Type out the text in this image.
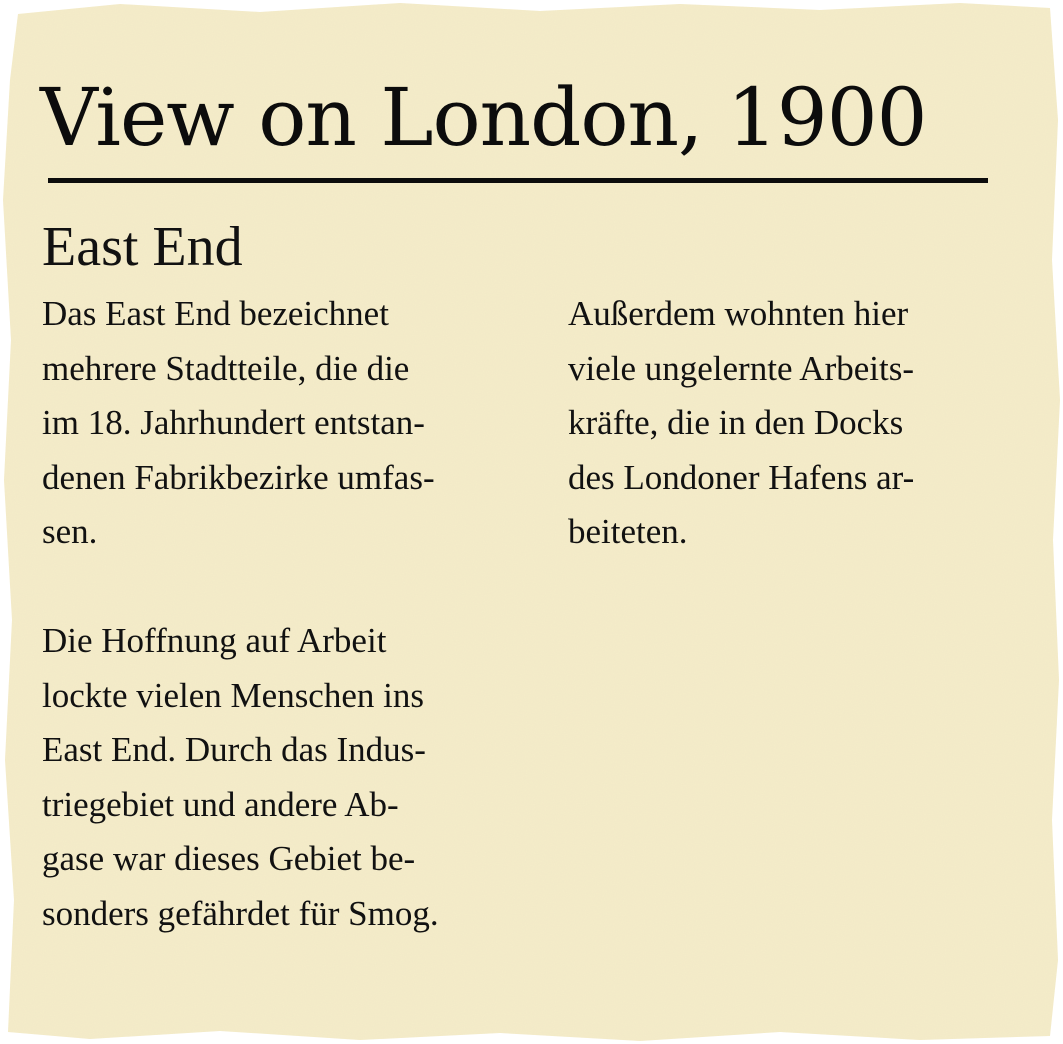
View on London, 1900
East End
Das East End bezeichnet
mehrere Stadtteile, die die
im 18. Jahrhundert entstan-
denen Fabrikbezirke umfas-
sen.
Die Hoffnung auf Arbeit
lockte vielen Menschen ins
East End. Durch das Indus-
triegebiet und andere Ab-
gase war dieses Gebiet be-
sonders gefährdet für Smog.
Außerdem wohnten hier
viele ungelernte Arbeits-
kräfte, die in den Docks
des Londoner Hafens ar-
beiteten.
